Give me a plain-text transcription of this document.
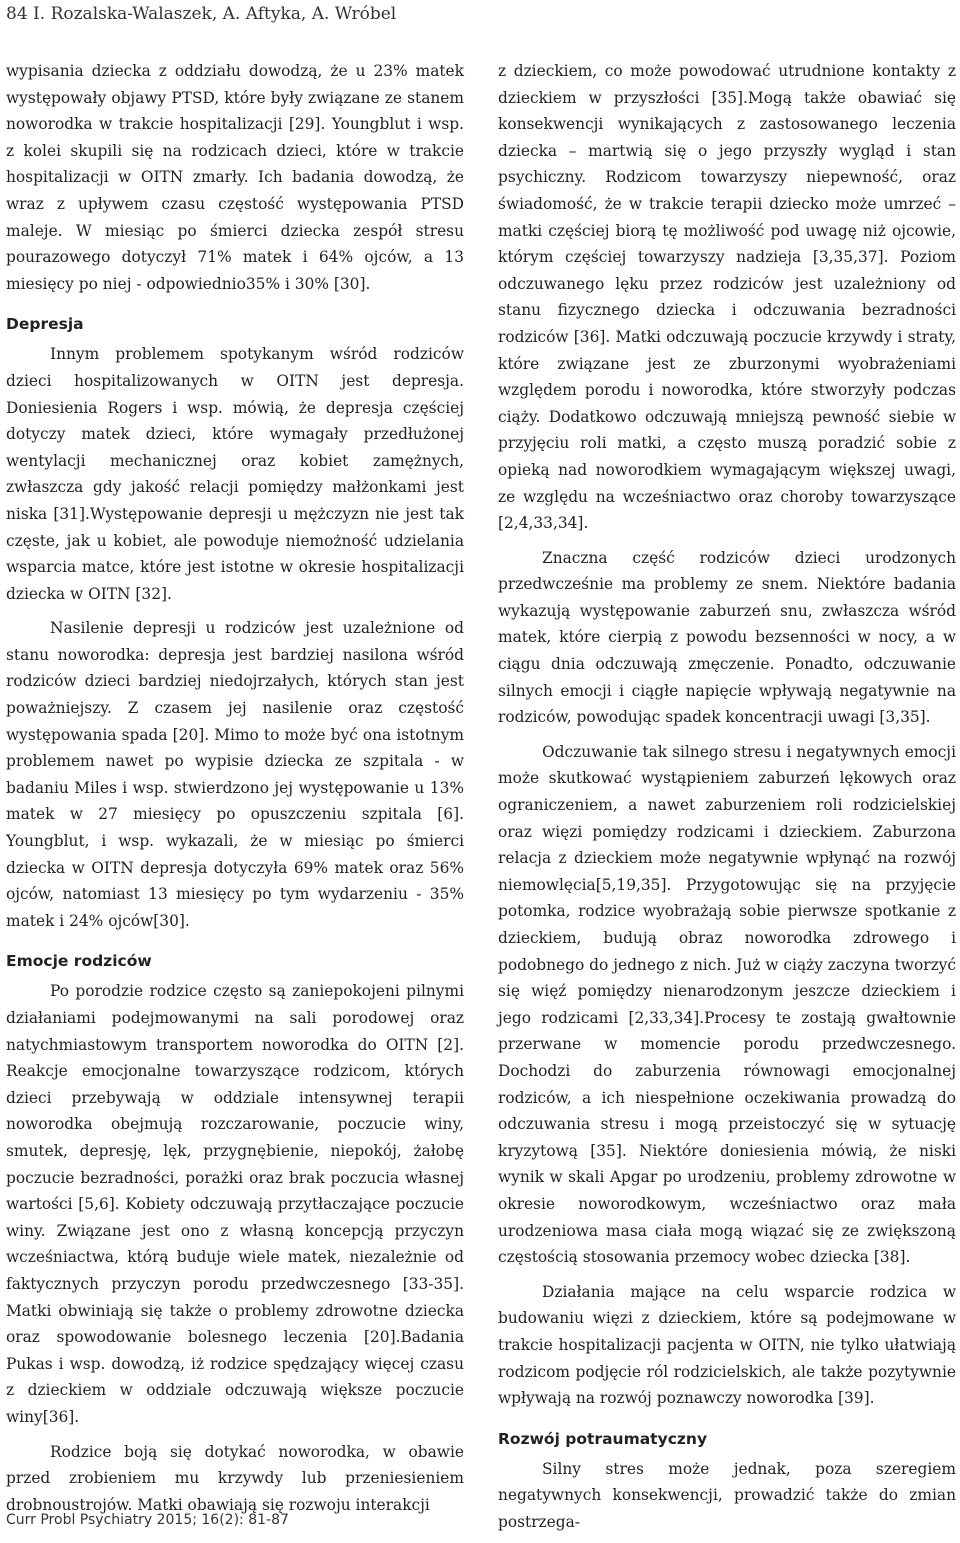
84 I. Rozalska-Walaszek, A. Aftyka, A. Wróbel

wypisania dziecka z oddziału dowodzą, że u 23% matek występowały objawy PTSD, które były związane ze stanem noworodka w trakcie hospitalizacji [29]. Youngblut i wsp. z kolei skupili się na rodzicach dzieci, które w trakcie hospitalizacji w OITN zmarły. Ich badania dowodzą, że wraz z upływem czasu częstość występowania PTSD maleje. W miesiąc po śmierci dziecka zespół stresu pourazowego dotyczył 71% matek i 64% ojców, a 13 miesięcy po niej - odpowiednio35% i 30% [30].

Depresja

Innym problemem spotykanym wśród rodziców dzieci hospitalizowanych w OITN jest depresja. Doniesienia Rogers i wsp. mówią, że depresja częściej dotyczy matek dzieci, które wymagały przedłużonej wentylacji mechanicznej oraz kobiet zamężnych, zwłaszcza gdy jakość relacji pomiędzy małżonkami jest niska [31].Występowanie depresji u mężczyzn nie jest tak częste, jak u kobiet, ale powoduje niemożność udzielania wsparcia matce, które jest istotne w okresie hospitalizacji dziecka w OITN [32].

Nasilenie depresji u rodziców jest uzależnione od stanu noworodka: depresja jest bardziej nasilona wśród rodziców dzieci bardziej niedojrzałych, których stan jest poważniejszy. Z czasem jej nasilenie oraz częstość występowania spada [20]. Mimo to może być ona istotnym problemem nawet po wypisie dziecka ze szpitala - w badaniu Miles i wsp. stwierdzono jej występowanie u 13% matek w 27 miesięcy po opuszczeniu szpitala [6]. Youngblut, i wsp. wykazali, że w miesiąc po śmierci dziecka w OITN depresja dotyczyła 69% matek oraz 56% ojców, natomiast 13 miesięcy po tym wydarzeniu - 35% matek i 24% ojców[30].

Emocje rodziców

Po porodzie rodzice często są zaniepokojeni pilnymi działaniami podejmowanymi na sali porodowej oraz natychmiastowym transportem noworodka do OITN [2]. Reakcje emocjonalne towarzyszące rodzicom, których dzieci przebywają w oddziale intensywnej terapii noworodka obejmują rozczarowanie, poczucie winy, smutek, depresję, lęk, przygnębienie, niepokój, żałobę poczucie bezradności, porażki oraz brak poczucia własnej wartości [5,6]. Kobiety odczuwają przytłaczające poczucie winy. Związane jest ono z własną koncepcją przyczyn wcześniactwa, którą buduje wiele matek, niezależnie od faktycznych przyczyn porodu przedwczesnego [33-35]. Matki obwiniają się także o problemy zdrowotne dziecka oraz spowodowanie bolesnego leczenia [20].Badania Pukas i wsp. dowodzą, iż rodzice spędzający więcej czasu z dzieckiem w oddziale odczuwają większe poczucie winy[36].

Rodzice boją się dotykać noworodka, w obawie przed zrobieniem mu krzywdy lub przeniesieniem drobnoustrojów. Matki obawiają się rozwoju interakcji

z dzieckiem, co może powodować utrudnione kontakty z dzieckiem w przyszłości [35].Mogą także obawiać się konsekwencji wynikających z zastosowanego leczenia dziecka – martwią się o jego przyszły wygląd i stan psychiczny. Rodzicom towarzyszy niepewność, oraz świadomość, że w trakcie terapii dziecko może umrzeć – matki częściej biorą tę możliwość pod uwagę niż ojcowie, którym częściej towarzyszy nadzieja [3,35,37]. Poziom odczuwanego lęku przez rodziców jest uzależniony od stanu fizycznego dziecka i odczuwania bezradności rodziców [36]. Matki odczuwają poczucie krzywdy i straty, które związane jest ze zburzonymi wyobrażeniami względem porodu i noworodka, które stworzyły podczas ciąży. Dodatkowo odczuwają mniejszą pewność siebie w przyjęciu roli matki, a często muszą poradzić sobie z opieką nad noworodkiem wymagającym większej uwagi, ze względu na wcześniactwo oraz choroby towarzyszące [2,4,33,34].

Znaczna część rodziców dzieci urodzonych przedwcześnie ma problemy ze snem. Niektóre badania wykazują występowanie zaburzeń snu, zwłaszcza wśród matek, które cierpią z powodu bezsenności w nocy, a w ciągu dnia odczuwają zmęczenie. Ponadto, odczuwanie silnych emocji i ciągłe napięcie wpływają negatywnie na rodziców, powodując spadek koncentracji uwagi [3,35].

Odczuwanie tak silnego stresu i negatywnych emocji może skutkować wystąpieniem zaburzeń lękowych oraz ograniczeniem, a nawet zaburzeniem roli rodzicielskiej oraz więzi pomiędzy rodzicami i dzieckiem. Zaburzona relacja z dzieckiem może negatywnie wpłynąć na rozwój niemowlęcia[5,19,35]. Przygotowując się na przyjęcie potomka, rodzice wyobrażają sobie pierwsze spotkanie z dzieckiem, budują obraz noworodka zdrowego i podobnego do jednego z nich. Już w ciąży zaczyna tworzyć się więź pomiędzy nienarodzonym jeszcze dzieckiem i jego rodzicami [2,33,34].Procesy te zostają gwałtownie przerwane w momencie porodu przedwczesnego. Dochodzi do zaburzenia równowagi emocjonalnej rodziców, a ich niespełnione oczekiwania prowadzą do odczuwania stresu i mogą przeistoczyć się w sytuację kryzytową [35]. Niektóre doniesienia mówią, że niski wynik w skali Apgar po urodzeniu, problemy zdrowotne w okresie noworodkowym, wcześniactwo oraz mała urodzeniowa masa ciała mogą wiązać się ze zwiększoną częstością stosowania przemocy wobec dziecka [38].

Działania mające na celu wsparcie rodzica w budowaniu więzi z dzieckiem, które są podejmowane w trakcie hospitalizacji pacjenta w OITN, nie tylko ułatwiają rodzicom podjęcie ról rodzicielskich, ale także pozytywnie wpływają na rozwój poznawczy noworodka [39].

Rozwój potraumatyczny

Silny stres może jednak, poza szeregiem negatywnych konsekwencji, prowadzić także do zmian postrzega-

Curr Probl Psychiatry 2015; 16(2): 81-87
